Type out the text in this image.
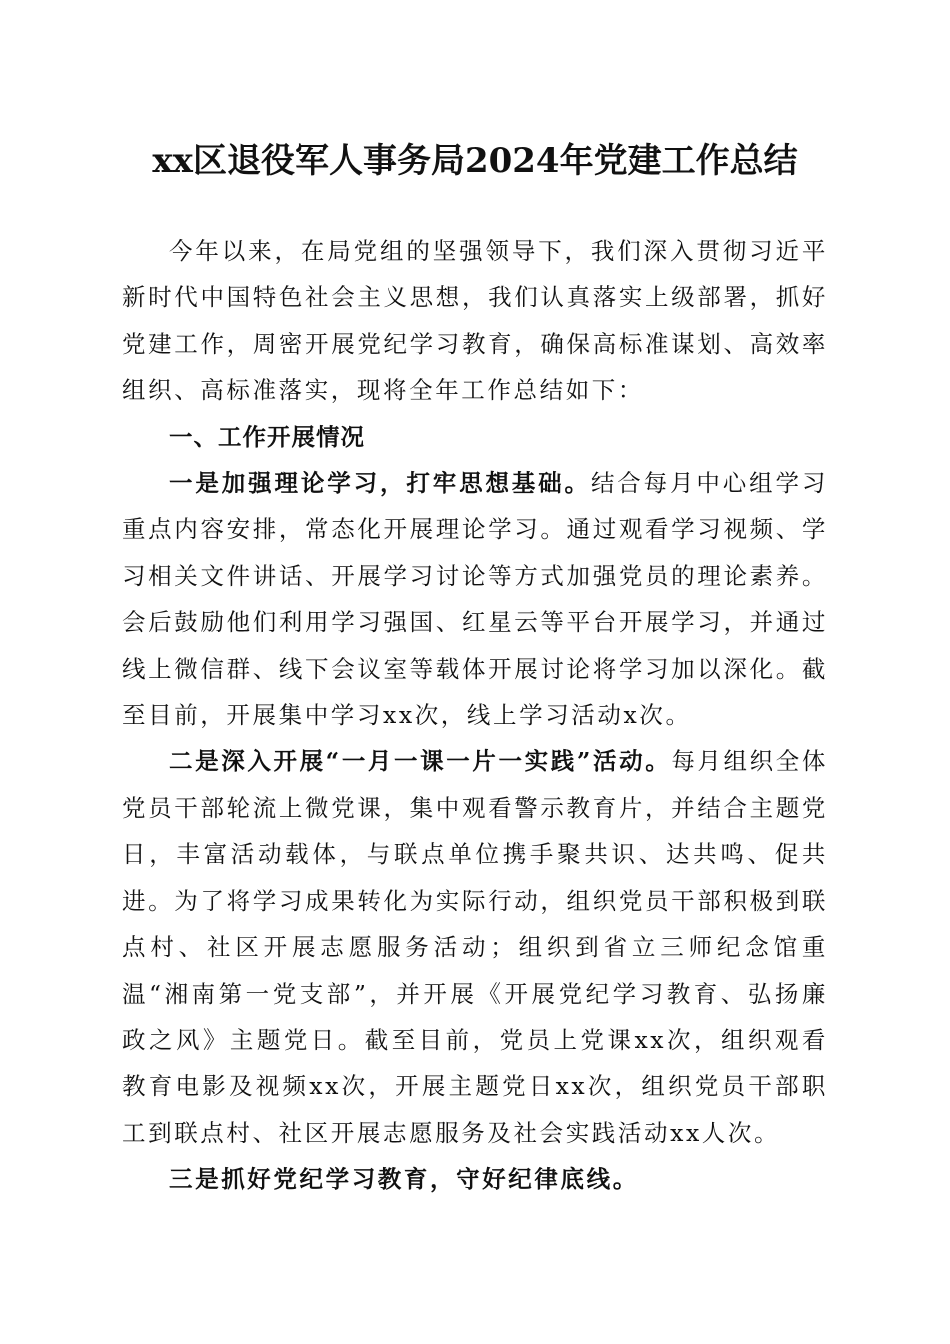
xx区退役军人事务局2024年党建工作总结

今年以来，在局党组的坚强领导下，我们深入贯彻习近平新时代中国特色社会主义思想，我们认真落实上级部署，抓好党建工作，周密开展党纪学习教育，确保高标准谋划、高效率组织、高标准落实，现将全年工作总结如下：

一、工作开展情况

一是加强理论学习，打牢思想基础。结合每月中心组学习重点内容安排，常态化开展理论学习。通过观看学习视频、学习相关文件讲话、开展学习讨论等方式加强党员的理论素养。会后鼓励他们利用学习强国、红星云等平台开展学习，并通过线上微信群、线下会议室等载体开展讨论将学习加以深化。截至目前，开展集中学习xx次，线上学习活动x次。

二是深入开展“一月一课一片一实践”活动。每月组织全体党员干部轮流上微党课，集中观看警示教育片，并结合主题党日，丰富活动载体，与联点单位携手聚共识、达共鸣、促共进。为了将学习成果转化为实际行动，组织党员干部积极到联点村、社区开展志愿服务活动；组织到省立三师纪念馆重温“湘南第一党支部”，并开展《开展党纪学习教育、弘扬廉政之风》主题党日。截至目前，党员上党课xx次，组织观看教育电影及视频xx次，开展主题党日xx次，组织党员干部职工到联点村、社区开展志愿服务及社会实践活动xx人次。

三是抓好党纪学习教育，守好纪律底线。
